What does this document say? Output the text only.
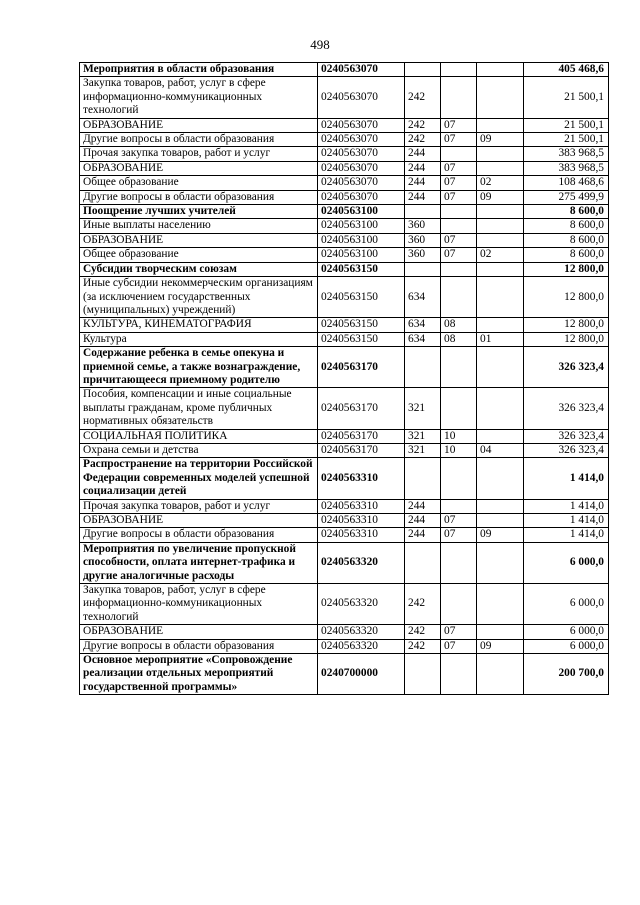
498
Мероприятия в области образования	0240563070				405 468,6
Закупка товаров, работ, услуг в сфере информационно-коммуникационных технологий	0240563070	242			21 500,1
ОБРАЗОВАНИЕ	0240563070	242	07		21 500,1
Другие вопросы в области образования	0240563070	242	07	09	21 500,1
Прочая закупка товаров, работ и услуг	0240563070	244			383 968,5
ОБРАЗОВАНИЕ	0240563070	244	07		383 968,5
Общее образование	0240563070	244	07	02	108 468,6
Другие вопросы в области образования	0240563070	244	07	09	275 499,9
Поощрение лучших учителей	0240563100				8 600,0
Иные выплаты населению	0240563100	360			8 600,0
ОБРАЗОВАНИЕ	0240563100	360	07		8 600,0
Общее образование	0240563100	360	07	02	8 600,0
Субсидии творческим союзам	0240563150				12 800,0
Иные субсидии некоммерческим организациям (за исключением государственных (муниципальных) учреждений)	0240563150	634			12 800,0
КУЛЬТУРА, КИНЕМАТОГРАФИЯ	0240563150	634	08		12 800,0
Культура	0240563150	634	08	01	12 800,0
Содержание ребенка в семье опекуна и приемной семье, а также вознаграждение, причитающееся приемному родителю	0240563170				326 323,4
Пособия, компенсации и иные социальные выплаты гражданам, кроме публичных нормативных обязательств	0240563170	321			326 323,4
СОЦИАЛЬНАЯ ПОЛИТИКА	0240563170	321	10		326 323,4
Охрана семьи и детства	0240563170	321	10	04	326 323,4
Распространение на территории Российской Федерации современных моделей успешной социализации детей	0240563310				1 414,0
Прочая закупка товаров, работ и услуг	0240563310	244			1 414,0
ОБРАЗОВАНИЕ	0240563310	244	07		1 414,0
Другие вопросы в области образования	0240563310	244	07	09	1 414,0
Мероприятия по увеличение пропускной способности, оплата интернет-трафика и другие аналогичные расходы	0240563320				6 000,0
Закупка товаров, работ, услуг в сфере информационно-коммуникационных технологий	0240563320	242			6 000,0
ОБРАЗОВАНИЕ	0240563320	242	07		6 000,0
Другие вопросы в области образования	0240563320	242	07	09	6 000,0
Основное мероприятие «Сопровождение реализации отдельных мероприятий государственной программы»	0240700000				200 700,0
